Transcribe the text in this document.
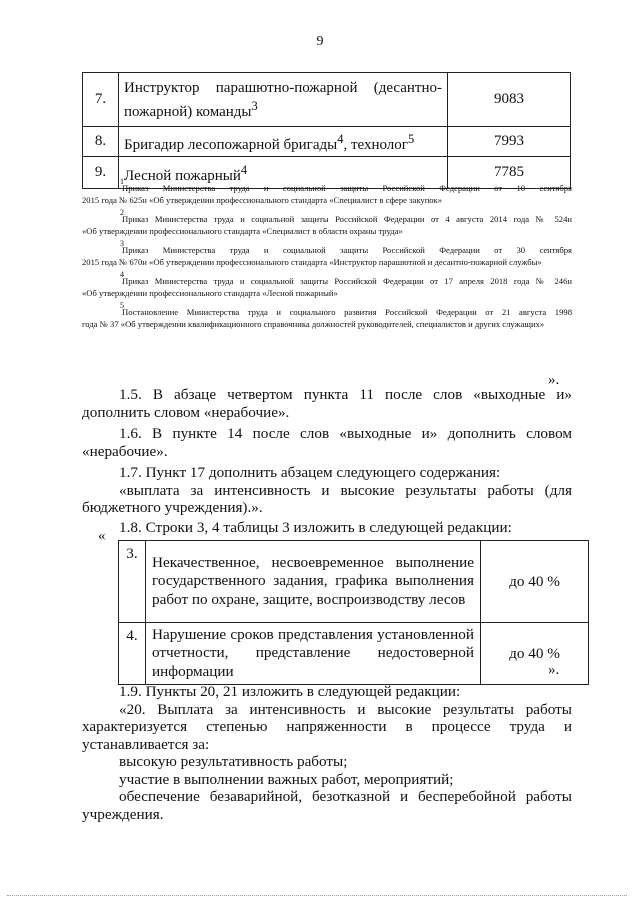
9
7.	Инструктор парашютно-пожарной (десантно-
пожарной) команды$^3$	9083
8.	Бригадир лесопожарной бригады$^4$, технолог$^5$	7993
9.	Лесной пожарный$^4$	7785
1
Приказ Министерства труда и социальной защиты Российской Федерации от 10 сентября
2015 года № 625н «Об утверждении профессионального стандарта «Специалист в сфере закупок»
2
Приказ Министерства труда и социальной защиты Российской Федерации от 4 августа 2014 года № 524н
«Об утверждении профессионального стандарта «Специалист в области охраны труда»
3
Приказ Министерства труда и социальной защиты Российской Федерации от 30 сентября
2015 года № 670н «Об утверждении профессионального стандарта «Инструктор парашютной и десантно-пожарной службы»
4
Приказ Министерства труда и социальной защиты Российской Федерации от 17 апреля 2018 года № 246н
«Об утверждении профессионального стандарта «Лесной пожарный»
5
Постановление Министерства труда и социального развития Российской Федерации от 21 августа 1998
года № 37 «Об утверждении квалификационного справочника должностей руководителей, специалистов и других служащих»
».

1.5. В абзаце четвертом пункта 11 после слов «выходные и» дополнить словом «нерабочие».

1.6. В пункте 14 после слов «выходные и» дополнить словом «нерабочие».

1.7. Пункт 17 дополнить абзацем следующего содержания:

«выплата за интенсивность и высокие результаты работы (для бюджетного учреждения).».

1.8. Строки 3, 4 таблицы 3 изложить в следующей редакции:

«
3.	Некачественное, несвоевременное выполнение государственного задания, графика выполнения работ по охране, защите, воспроизводству лесов	до 40 %
4.	Нарушение сроков представления установленной отчетности, представление недостоверной информации	до 40 %
».

1.9. Пункты 20, 21 изложить в следующей редакции:

«20. Выплата за интенсивность и высокие результаты работы характеризуется степенью напряженности в процессе труда и устанавливается за:

высокую результативность работы;

участие в выполнении важных работ, мероприятий;

обеспечение безаварийной, безотказной и бесперебойной работы учреждения.
